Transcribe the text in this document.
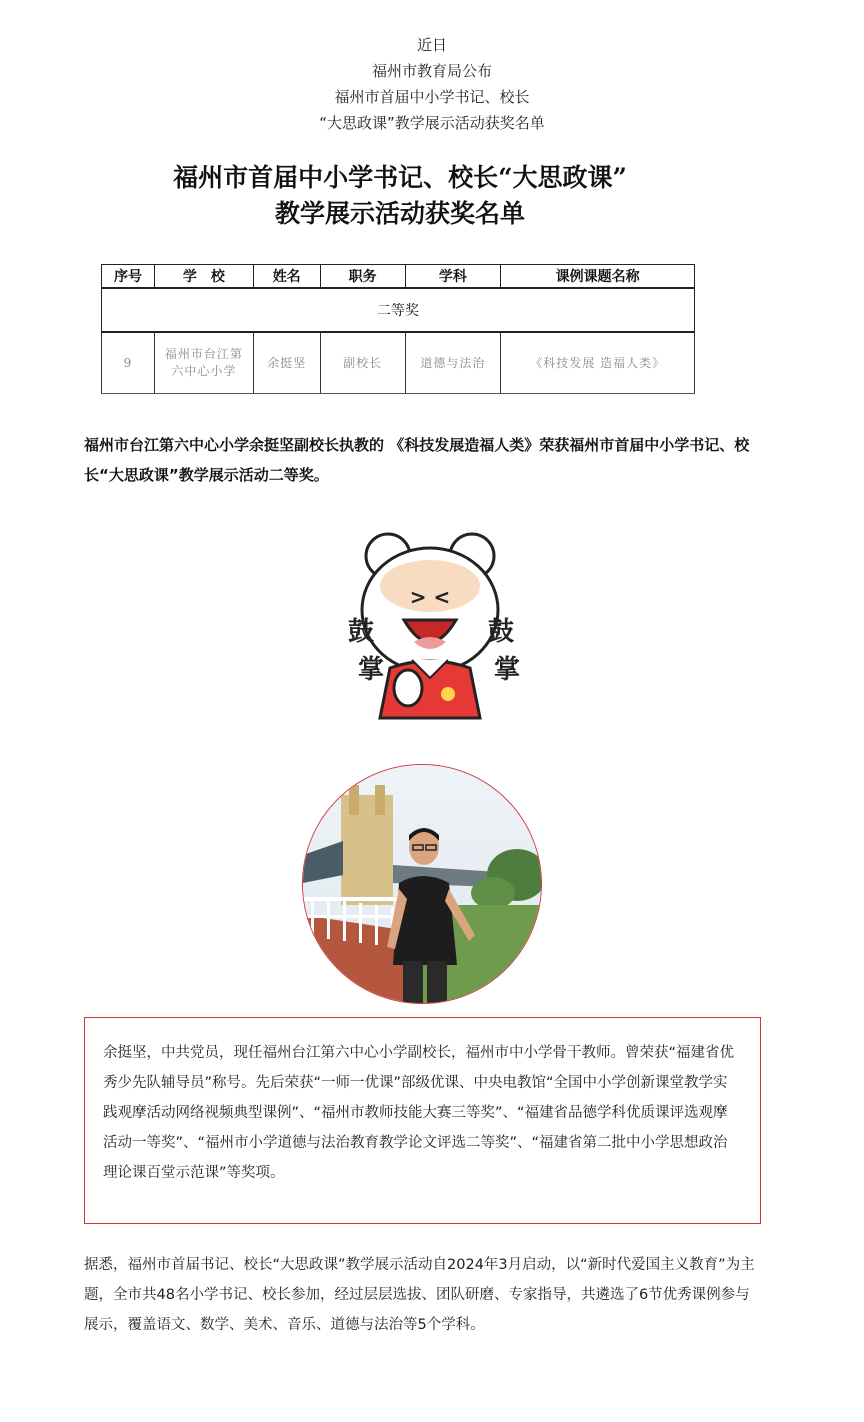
近日
福州市教育局公布
福州市首届中小学书记、校长
“大思政课”教学展示活动获奖名单
福州市首届中小学书记、校长“大思政课”
教学展示活动获奖名单
序号	学　校	姓名	职务	学科	课例课题名称
二等奖					
9	福州市台江第六中心小学	余挺坚	副校长	道德与法治	《科技发展 造福人类》
福州市台江第六中心小学余挺坚副校长执教的 《科技发展造福人类》荣获福州市首届中小学书记、校长“大思政课”教学展示活动二等奖。
> <
鼓
掌
鼓
掌
余挺坚，中共党员，现任福州台江第六中心小学副校长，福州市中小学骨干教师。曾荣获“福建省优秀少先队辅导员”称号。先后荣获“一师一优课”部级优课、中央电教馆“全国中小学创新课堂教学实践观摩活动网络视频典型课例”、“福州市教师技能大赛三等奖”、“福建省品德学科优质课评选观摩活动一等奖”、“福州市小学道德与法治教育教学论文评选二等奖”、“福建省第二批中小学思想政治理论课百堂示范课”等奖项。
据悉，福州市首届书记、校长“大思政课”教学展示活动自2024年3月启动，以“新时代爱国主义教育”为主题，全市共48名小学书记、校长参加，经过层层选拔、团队研磨、专家指导，共遴选了6节优秀课例参与展示，覆盖语文、数学、美术、音乐、道德与法治等5个学科。
